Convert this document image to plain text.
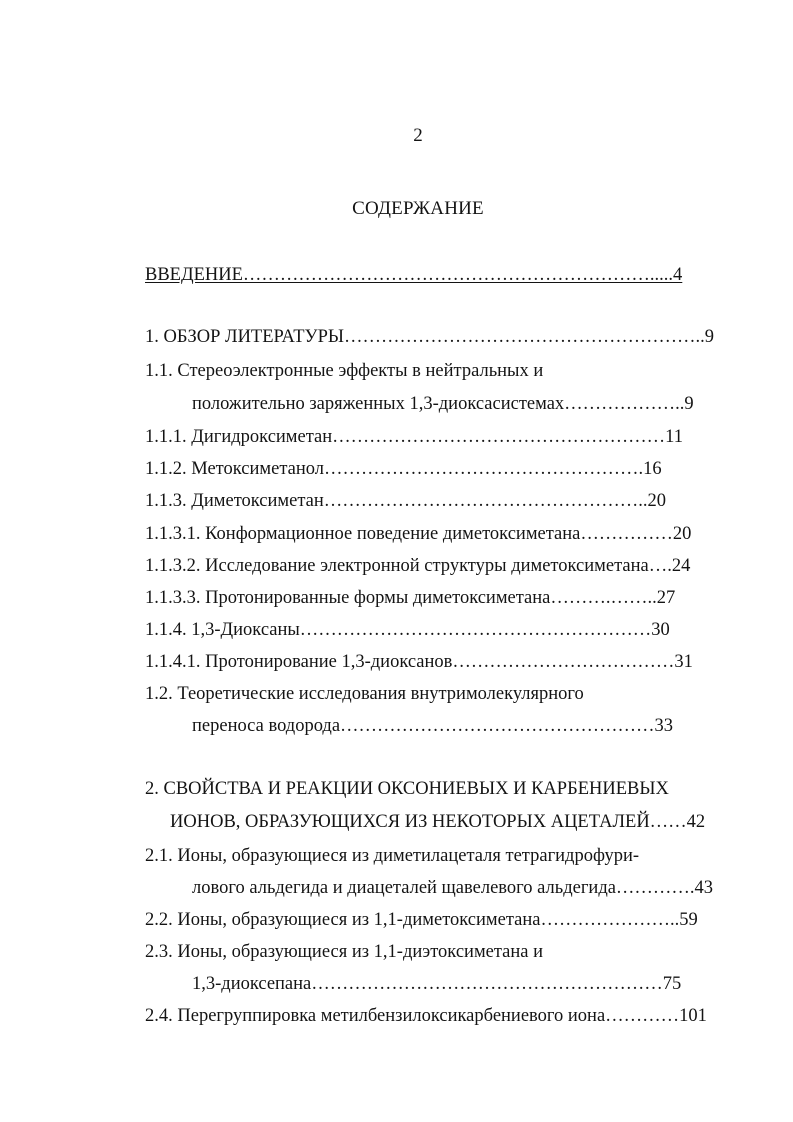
2
СОДЕРЖАНИЕ
ВВЕДЕНИЕ………………………………………………………….....4
1. ОБЗОР ЛИТЕРАТУРЫ…………………………………………………..9
1.1. Стереоэлектронные эффекты в нейтральных и
положительно заряженных 1,3-диоксасистемах………………..9
1.1.1. Дигидроксиметан………………………………………………11
1.1.2. Метоксиметанол…………………………………………….16
1.1.3. Диметоксиметан……………………………………………..20
1.1.3.1. Конформационное поведение диметоксиметана……………20
1.1.3.2. Исследование электронной структуры диметоксиметана….24
1.1.3.3. Протонированные формы диметоксиметана……….……..27
1.1.4. 1,3-Диоксаны…………………………………………………30
1.1.4.1. Протонирование 1,3-диоксанов………………………………31
1.2. Теоретические исследования внутримолекулярного
переноса водорода……………………………………………33
2. СВОЙСТВА И РЕАКЦИИ ОКСОНИЕВЫХ И КАРБЕНИЕВЫХ
ИОНОВ, ОБРАЗУЮЩИХСЯ ИЗ НЕКОТОРЫХ АЦЕТАЛЕЙ……42
2.1. Ионы, образующиеся из диметилацеталя тетрагидрофури-
лового альдегида и диацеталей щавелевого альдегида………….43
2.2. Ионы, образующиеся из 1,1-диметоксиметана…………………..59
2.3. Ионы, образующиеся из 1,1-диэтоксиметана и
1,3-диоксепана…………………………………………………75
2.4. Перегруппировка метилбензилоксикарбениевого иона…………101
